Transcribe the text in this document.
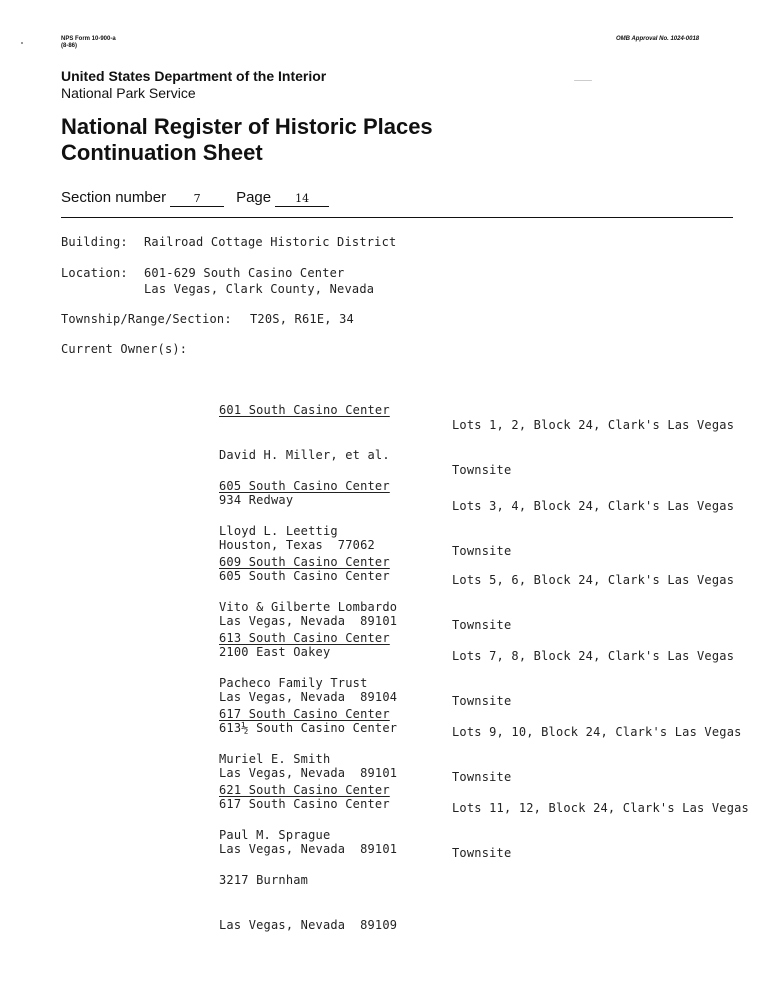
NPS Form 10-900-a
(8-86)
OMB Approval No. 1024-0018
United States Department of the Interior
National Park Service
National Register of Historic Places
Continuation Sheet
Section number	7 Page 14
Building: Railroad Cottage Historic District
Location: 601-629 South Casino Center
Las Vegas, Clark County, Nevada
Township/Range/Section: T20S, R61E, 34
Current Owner(s):

601 South Casino Center

David H. Miller, et al.

934 Redway

Houston, Texas  77062

Lots 1, 2, Block 24, Clark's Las Vegas

Townsite

605 South Casino Center

Lloyd L. Leettig

605 South Casino Center

Las Vegas, Nevada  89101

Lots 3, 4, Block 24, Clark's Las Vegas

Townsite

609 South Casino Center

Vito & Gilberte Lombardo

2100 East Oakey

Las Vegas, Nevada  89104

Lots 5, 6, Block 24, Clark's Las Vegas

Townsite

613 South Casino Center

Pacheco Family Trust

613½ South Casino Center

Las Vegas, Nevada  89101

Lots 7, 8, Block 24, Clark's Las Vegas

Townsite

617 South Casino Center

Muriel E. Smith

617 South Casino Center

Las Vegas, Nevada  89101

Lots 9, 10, Block 24, Clark's Las Vegas

Townsite

621 South Casino Center

Paul M. Sprague

3217 Burnham

Las Vegas, Nevada  89109

Lots 11, 12, Block 24, Clark's Las Vegas

Townsite
